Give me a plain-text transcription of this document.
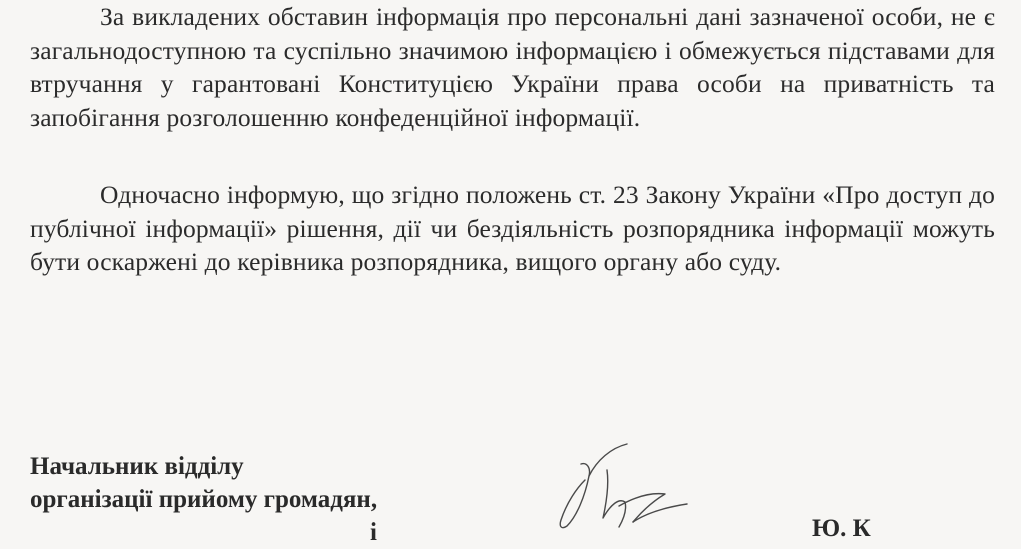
За викладених обставин інформація про персональні дані зазначеної особи, не є загальнодоступною та суспільно значимою інформацією і обмежується підставами для втручання у гарантовані Конституцією України права особи на приватність та запобігання розголошенню конфеденційної інформації.

Одночасно інформую, що згідно положень ст. 23 Закону України «Про доступ до публічної інформації» рішення, дії чи бездіяльність розпорядника інформації можуть бути оскаржені до керівника розпорядника, вищого органу або суду.

Начальник відділу
організації прийому громадян,
і	Ю. К
